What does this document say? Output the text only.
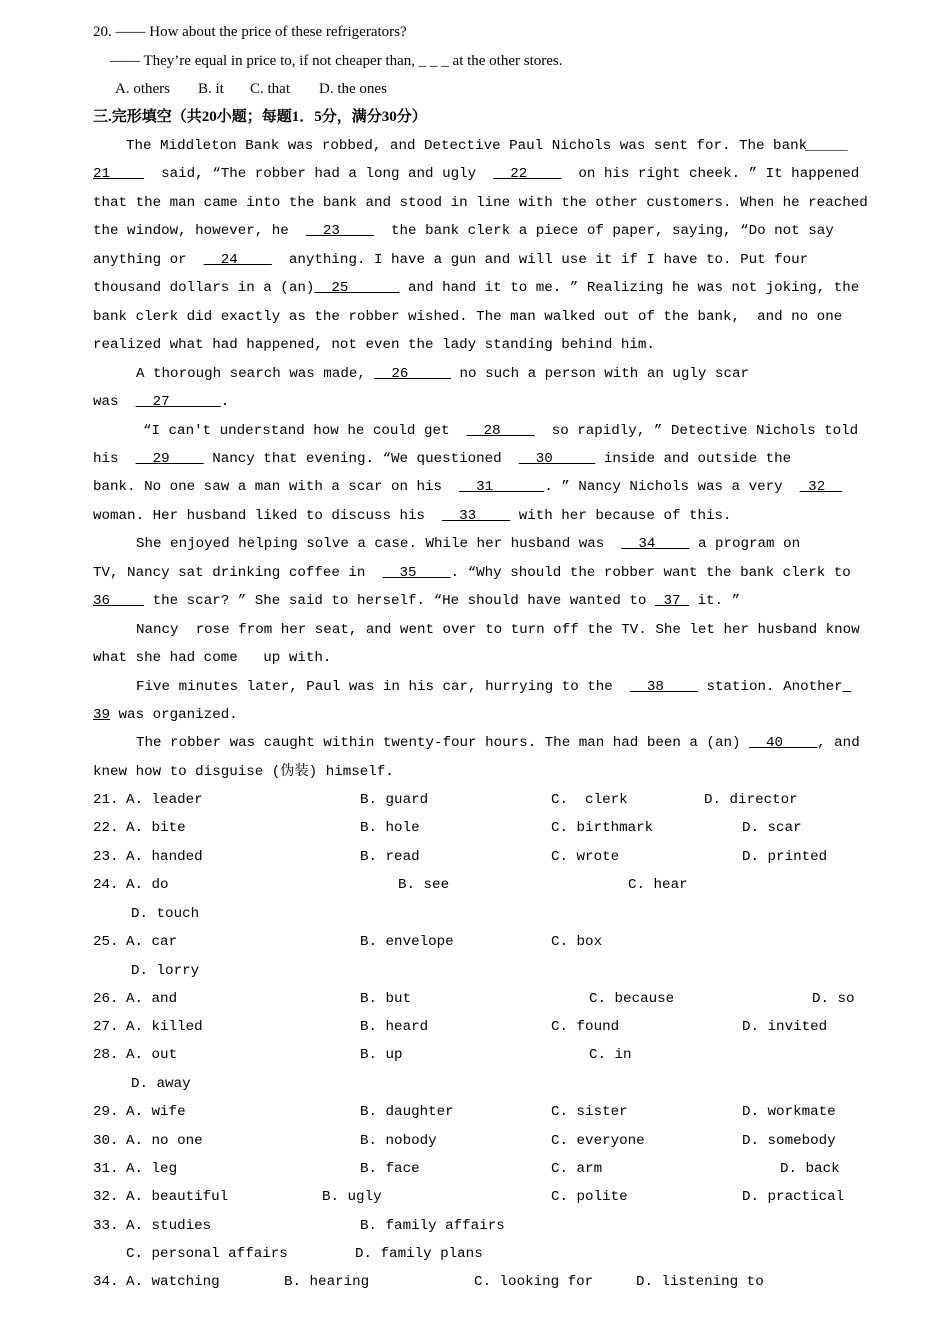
20. —— How about the price of these refrigerators?
—— They’re equal in price to, if not cheaper than, _ _ _ at the other stores.
A. others B. it C. that D. the ones
三.完形填空（共20小题；每题1．5分，满分30分）
The Middleton Bank was robbed, and Detective Paul Nichols was sent for. The bank
_____
21      said, “The robber had a long and ugly    22      on his right cheek. ” It happened
that the man came into the bank and stood in line with the other customers. When he reached
the window, however, he    23      the bank clerk a piece of paper, saying, “Do not say
anything or    24      anything. I have a gun and will use it if I have to. Put four
thousand dollars in a (an)  25       and hand it to me. ” Realizing he was not joking, the
bank clerk did exactly as the robber wished. The man walked out of the bank,  and no one
realized what had happened, not even the lady standing behind him.
A thorough search was made,   26      no such a person with an ugly scar
was    27      .
“I can′t understand how he could get    28      so rapidly, ” Detective Nichols told
his    29     Nancy that evening. “We questioned    30      inside and outside the
bank. No one saw a man with a scar on his    31      . ” Nancy Nichols was a very   32
woman. Her husband liked to discuss his    33     with her because of this.
She enjoyed helping solve a case. While her husband was    34     a program on
TV, Nancy sat drinking coffee in    35    . “Why should the robber want the bank clerk to
36     the scar? ” She said to herself. “He should have wanted to  37  it. ”
Nancy  rose from her seat, and went over to turn off the TV. She let her husband know
what she had come   up with.
Five minutes later, Paul was in his car, hurrying to the    38     station. Another
39 was organized.
The robber was caught within twenty-four hours. The man had been a (an)   40    , and
knew how to disguise (伪装) himself.
21. A. leader	B. guard	C.  clerk	D. director
22. A. bite	B. hole	C. birthmark	D. scar
23. A. handed	B. read	C. wrote	D. printed
24. A. do	B. see	C. hear
D. touch
25. A. car	B. envelope	C. box
D. lorry
26. A. and	B. but	C. because	D. so
27. A. killed	B. heard	C. found	D. invited
28. A. out	B. up	C. in
D. away
29. A. wife	B. daughter	C. sister	D. workmate
30. A. no one	B. nobody	C. everyone	D. somebody
31. A. leg	B. face	C. arm	D. back
32. A. beautiful	B. ugly	C. polite	D. practical
33. A. studies	B. family affairs
C. personal affairs	D. family plans
34. A. watching	B. hearing	C. looking for	D. listening to
